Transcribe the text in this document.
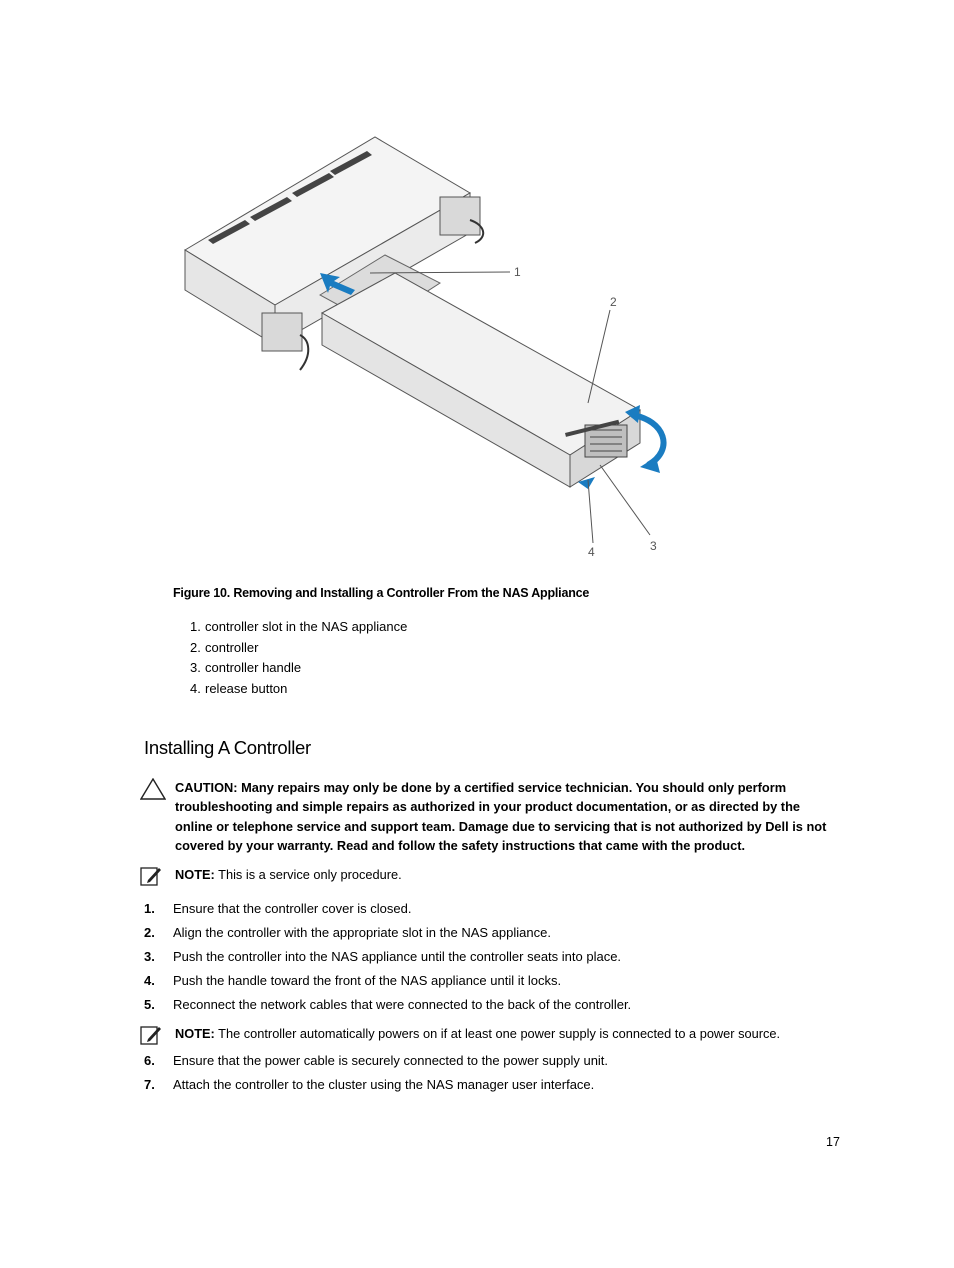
1
2
3
4
Figure 10. Removing and Installing a Controller From the NAS Appliance
1. controller slot in the NAS appliance
2. controller
3. controller handle
4. release button
Installing A Controller
CAUTION: Many repairs may only be done by a certified service technician. You should only perform troubleshooting and simple repairs as authorized in your product documentation, or as directed by the online or telephone service and support team. Damage due to servicing that is not authorized by Dell is not covered by your warranty. Read and follow the safety instructions that came with the product.
NOTE: This is a service only procedure.
1. Ensure that the controller cover is closed.
2. Align the controller with the appropriate slot in the NAS appliance.
3. Push the controller into the NAS appliance until the controller seats into place.
4. Push the handle toward the front of the NAS appliance until it locks.
5. Reconnect the network cables that were connected to the back of the controller.
NOTE: The controller automatically powers on if at least one power supply is connected to a power source.
6. Ensure that the power cable is securely connected to the power supply unit.
7. Attach the controller to the cluster using the NAS manager user interface.
17
